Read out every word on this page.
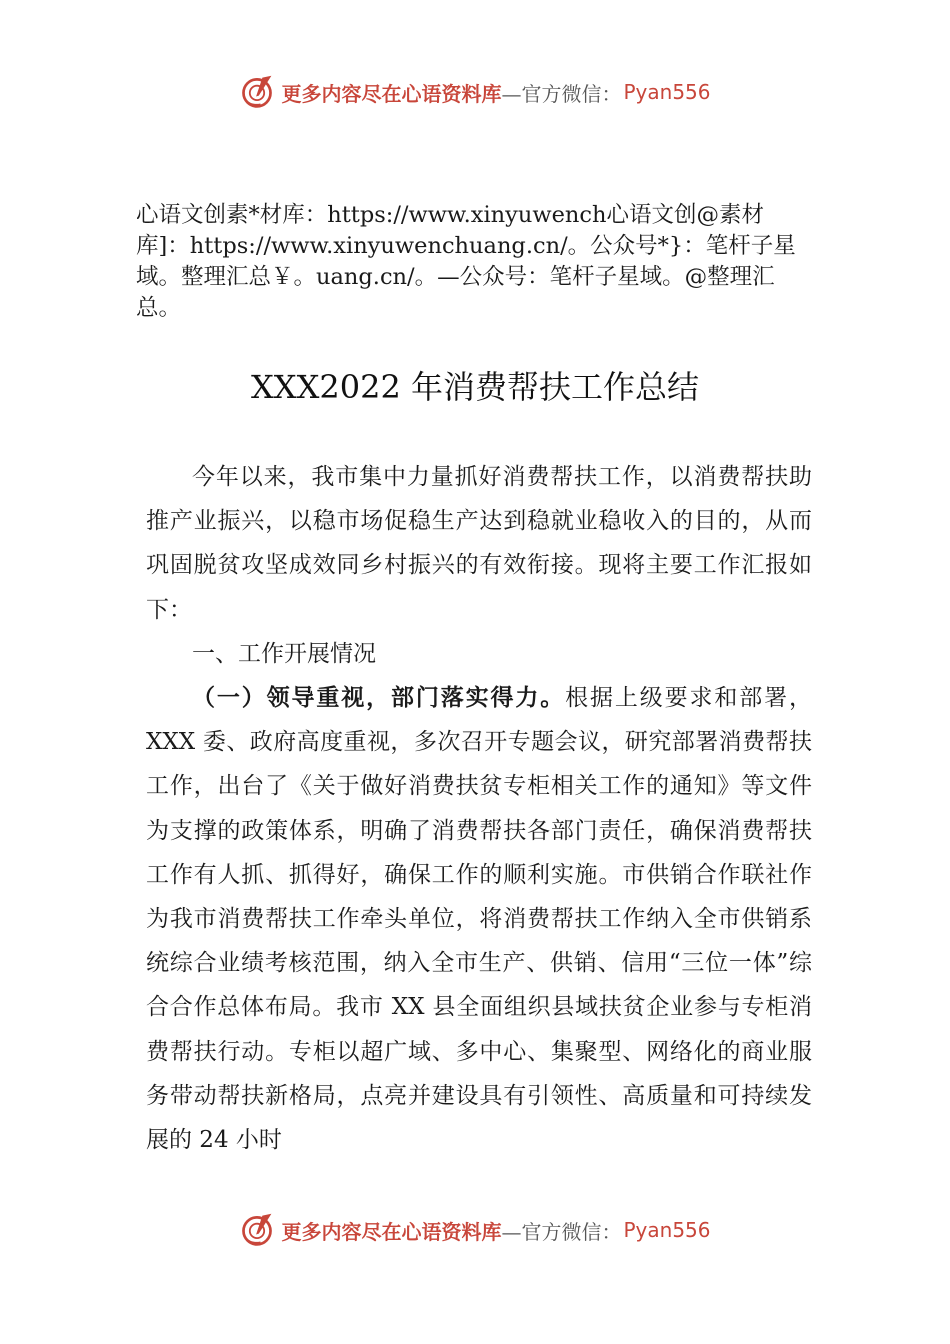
更多内容尽在心语资料库 —官方微信： Pyan556
心语文创素*材库：https://www.xinyuwench心语文创@素材库]：https://www.xinyuwenchuang.cn/。公众号*}：笔杆子星域。整理汇总￥。uang.cn/。—公众号：笔杆子星域。@整理汇总。
XXX2022 年消费帮扶工作总结

今年以来，我市集中力量抓好消费帮扶工作，以消费帮扶助推产业振兴，以稳市场促稳生产达到稳就业稳收入的目的，从而巩固脱贫攻坚成效同乡村振兴的有效衔接。现将主要工作汇报如下：

一、工作开展情况

（一）领导重视，部门落实得力。根据上级要求和部署，XXX 委、政府高度重视，多次召开专题会议，研究部署消费帮扶工作，出台了《关于做好消费扶贫专柜相关工作的通知》等文件为支撑的政策体系，明确了消费帮扶各部门责任，确保消费帮扶工作有人抓、抓得好，确保工作的顺利实施。市供销合作联社作为我市消费帮扶工作牵头单位，将消费帮扶工作纳入全市供销系统综合业绩考核范围，纳入全市生产、供销、信用“三位一体”综合合作总体布局。我市 XX 县全面组织县域扶贫企业参与专柜消费帮扶行动。专柜以超广域、多中心、集聚型、网络化的商业服务带动帮扶新格局，点亮并建设具有引领性、高质量和可持续发展的 24 小时

更多内容尽在心语资料库 —官方微信： Pyan556
